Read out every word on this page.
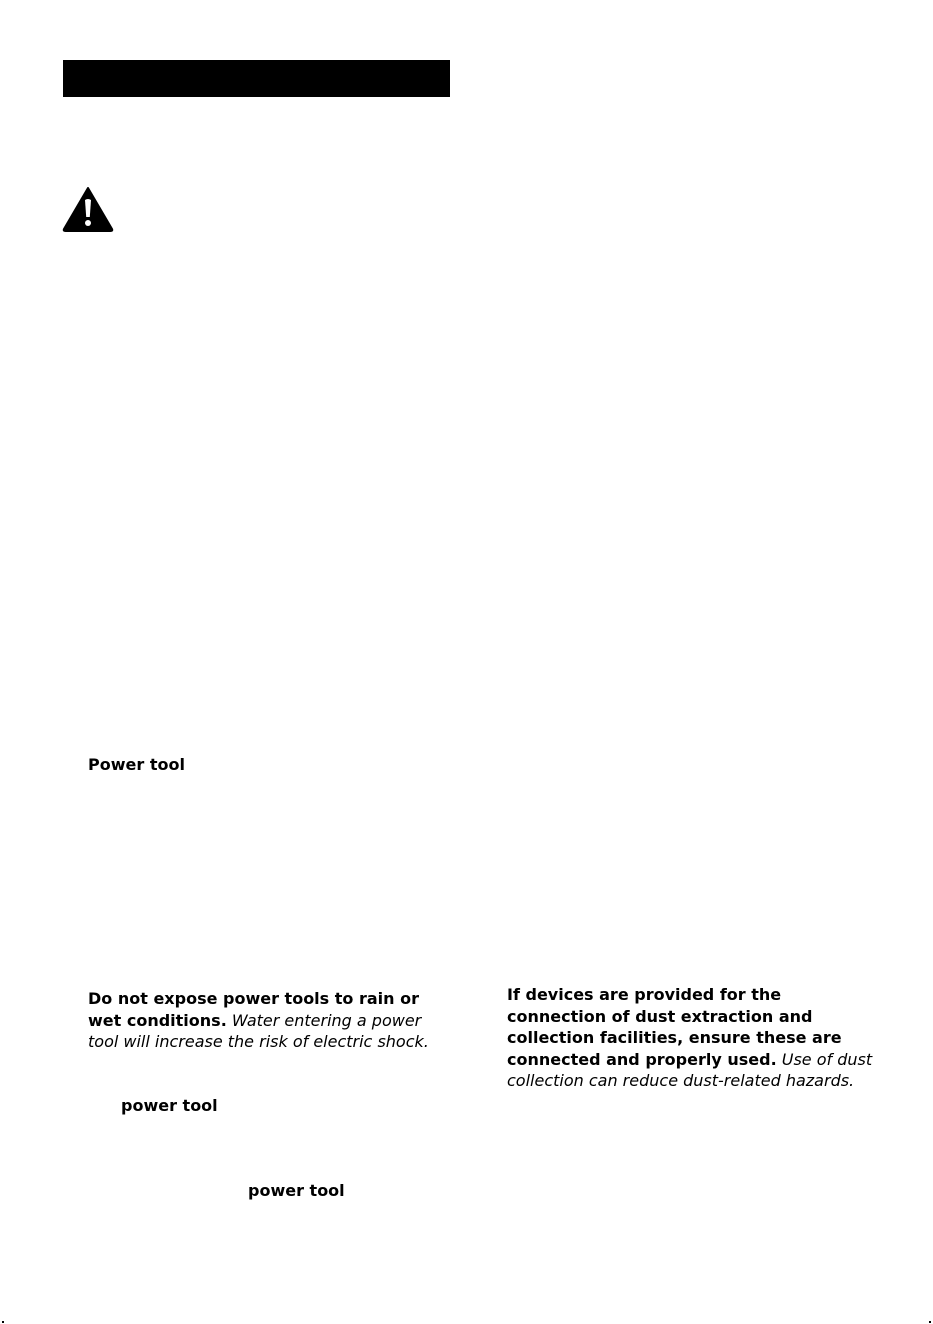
Power tool

Do not expose power tools to rain or wet conditions. Water entering a power tool will increase the risk of electric shock.

power tool

power tool

If devices are provided for the connection of dust extraction and collection facilities, ensure these are connected and properly used. Use of dust collection can reduce dust-related hazards.
